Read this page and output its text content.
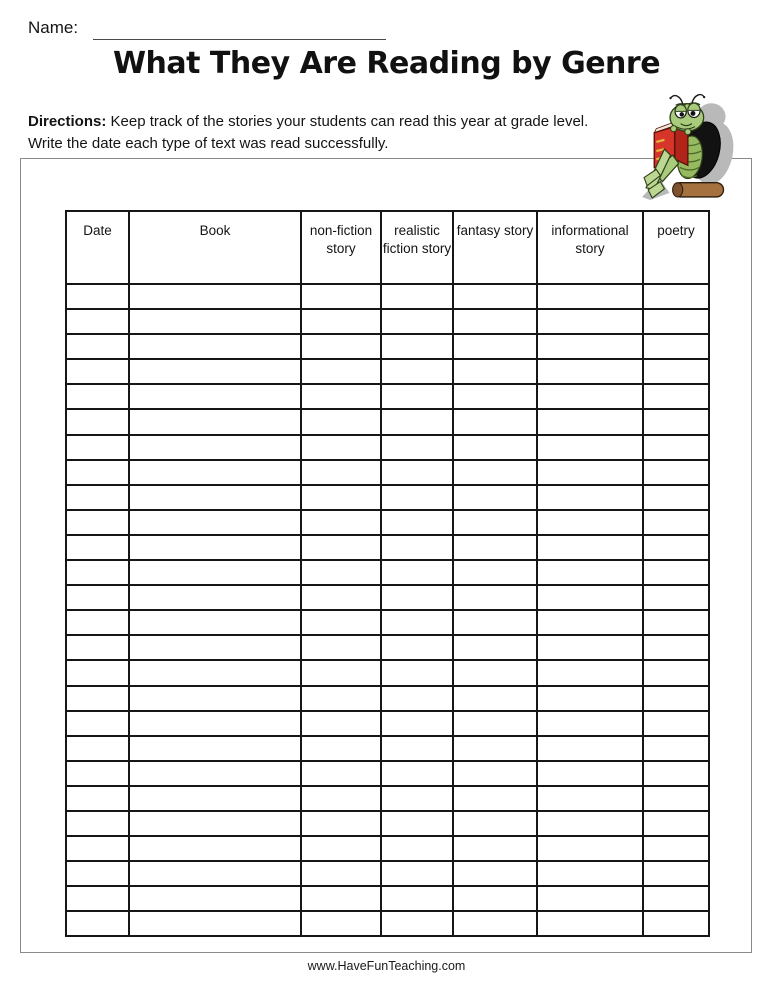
Name:
What They Are Reading by Genre
Directions: Keep track of the stories your students can read this year at grade level.
Write the date each type of text was read successfully.
Date	Book	non-fiction story	realistic fiction story	fantasy story	informational story	poetry

www.HaveFunTeaching.com
